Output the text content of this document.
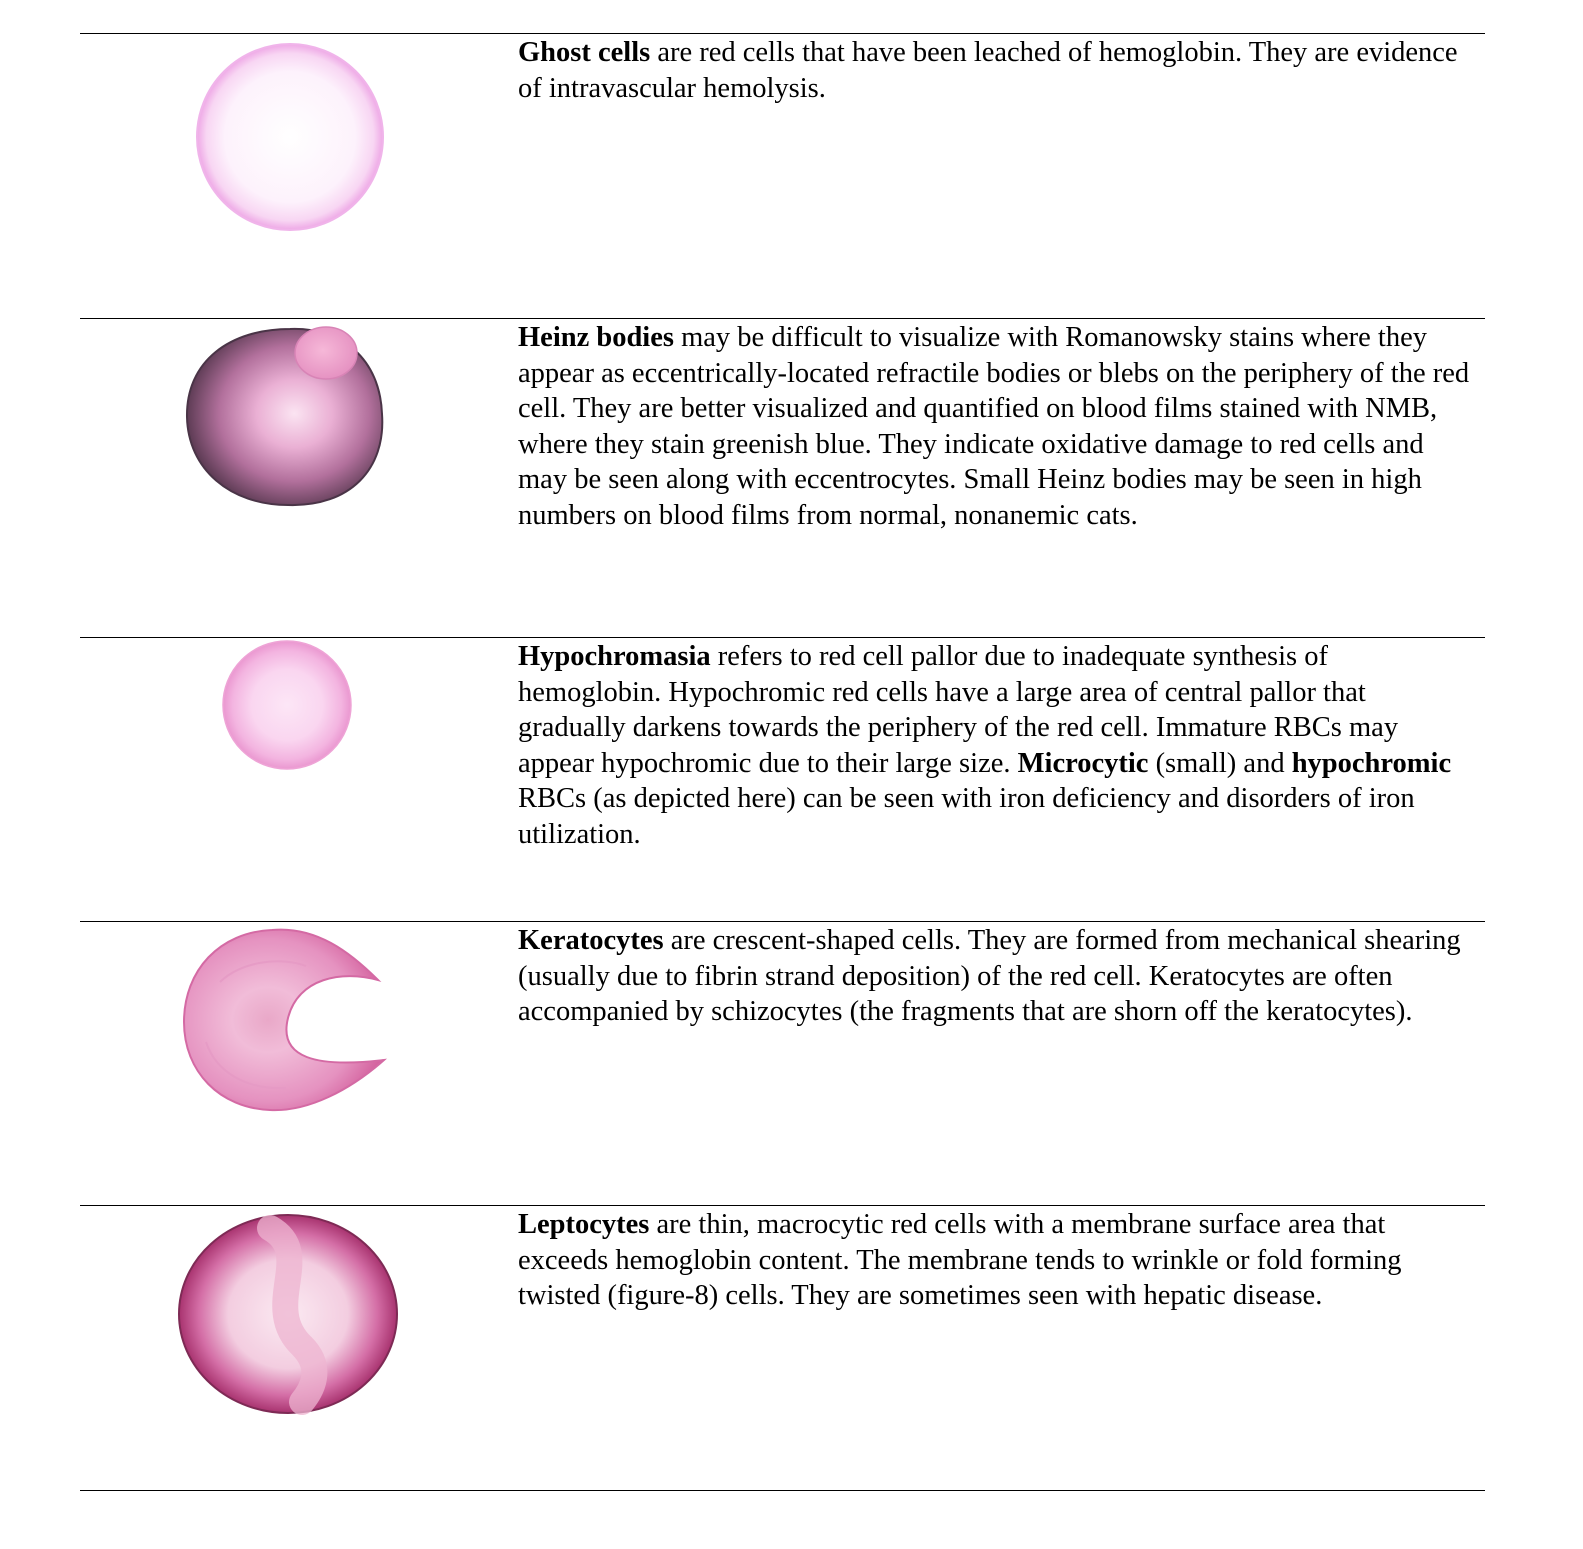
Ghost cells are red cells that have been leached of hemoglobin. They are evidence of intravascular hemolysis.
Heinz bodies may be difficult to visualize with Romanowsky stains where they appear as eccentrically-located refractile bodies or blebs on the periphery of the red cell. They are better visualized and quantified on blood films stained with NMB, where they stain greenish blue. They indicate oxidative damage to red cells and may be seen along with eccentrocytes. Small Heinz bodies may be seen in high numbers on blood films from normal, nonanemic cats.
Hypochromasia refers to red cell pallor due to inadequate synthesis of hemoglobin. Hypochromic red cells have a large area of central pallor that gradually darkens towards the periphery of the red cell. Immature RBCs may appear hypochromic due to their large size. Microcytic (small) and hypochromic RBCs (as depicted here) can be seen with iron deficiency and disorders of iron utilization.
Keratocytes are crescent-shaped cells. They are formed from mechanical shearing (usually due to fibrin strand deposition) of the red cell. Keratocytes are often accompanied by schizocytes (the fragments that are shorn off the keratocytes).
Leptocytes are thin, macrocytic red cells with a membrane surface area that exceeds hemoglobin content. The membrane tends to wrinkle or fold forming twisted (figure-8) cells. They are sometimes seen with hepatic disease.
